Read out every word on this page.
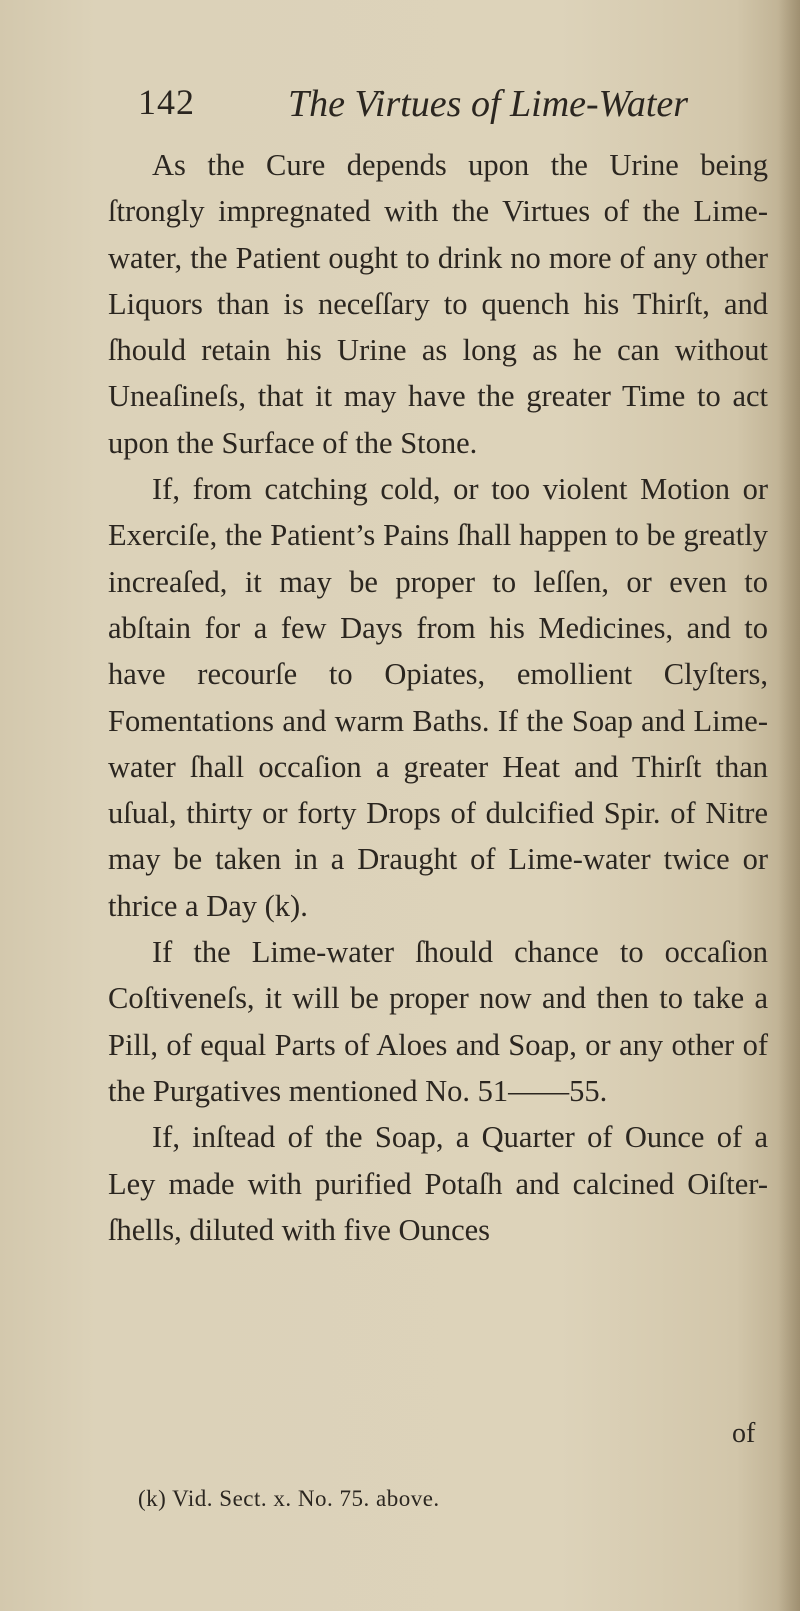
142 The Virtues of Lime-Water

As the Cure depends upon the Urine being ſtrongly impregnated with the Virtues of the Lime-water, the Patient ought to drink no more of any other Liquors than is neceſſary to quench his Thirſt, and ſhould retain his Urine as long as he can without Uneaſineſs, that it may have the greater Time to act upon the Surface of the Stone.

If, from catching cold, or too violent Motion or Exerciſe, the Patient’s Pains ſhall happen to be greatly increaſed, it may be proper to leſſen, or even to abſtain for a few Days from his Medicines, and to have recourſe to Opiates, emollient Clyſters, Fomentations and warm Baths. If the Soap and Lime-water ſhall occaſion a greater Heat and Thirſt than uſual, thirty or forty Drops of dulcified Spir. of Nitre may be taken in a Draught of Lime-water twice or thrice a Day (k).

If the Lime-water ſhould chance to occaſion Coſtiveneſs, it will be proper now and then to take a Pill, of equal Parts of Aloes and Soap, or any other of the Purgatives mentioned No. 51——55.

If, inſtead of the Soap, a Quarter of Ounce of a Ley made with purified Potaſh and calcined Oiſter-ſhells, diluted with five Ounces

of
(k) Vid. Sect. x. No. 75. above.
